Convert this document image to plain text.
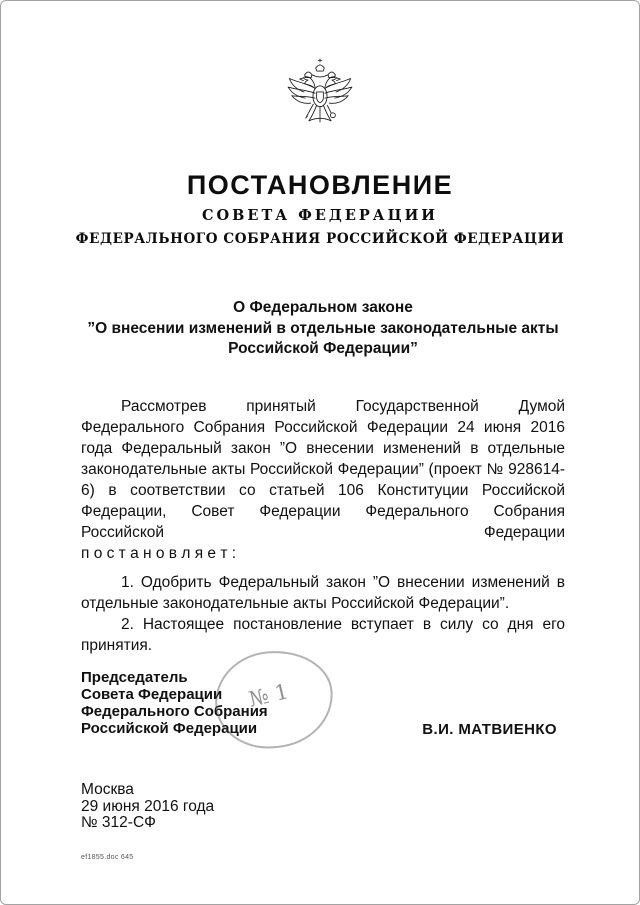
ПОСТАНОВЛЕНИЕ
СОВЕТА ФЕДЕРАЦИИ
ФЕДЕРАЛЬНОГО СОБРАНИЯ РОССИЙСКОЙ ФЕДЕРАЦИИ
О Федеральном законе
”О внесении изменений в отдельные законодательные акты
Российской Федерации”
Рассмотрев принятый Государственной Думой Федерального Собрания Российской Федерации 24 июня 2016 года Федеральный закон ”О внесении изменений в отдельные законодательные акты Российской Федерации” (проект № 928614-6) в соответствии со статьей 106 Конституции Российской Федерации, Совет Федерации Федерального Собрания Российской Федерации
п о с т а н о в л я е т :
1. Одобрить Федеральный закон ”О внесении изменений в отдельные законодательные акты Российской Федерации”.
2. Настоящее постановление вступает в силу со дня его принятия.
№ 1
Председатель
Совета Федерации
Федерального Собрания
Российской Федерации	В.И. МАТВИЕНКО
Москва
29 июня 2016 года
№ 312-СФ
ef1855.doc 645
